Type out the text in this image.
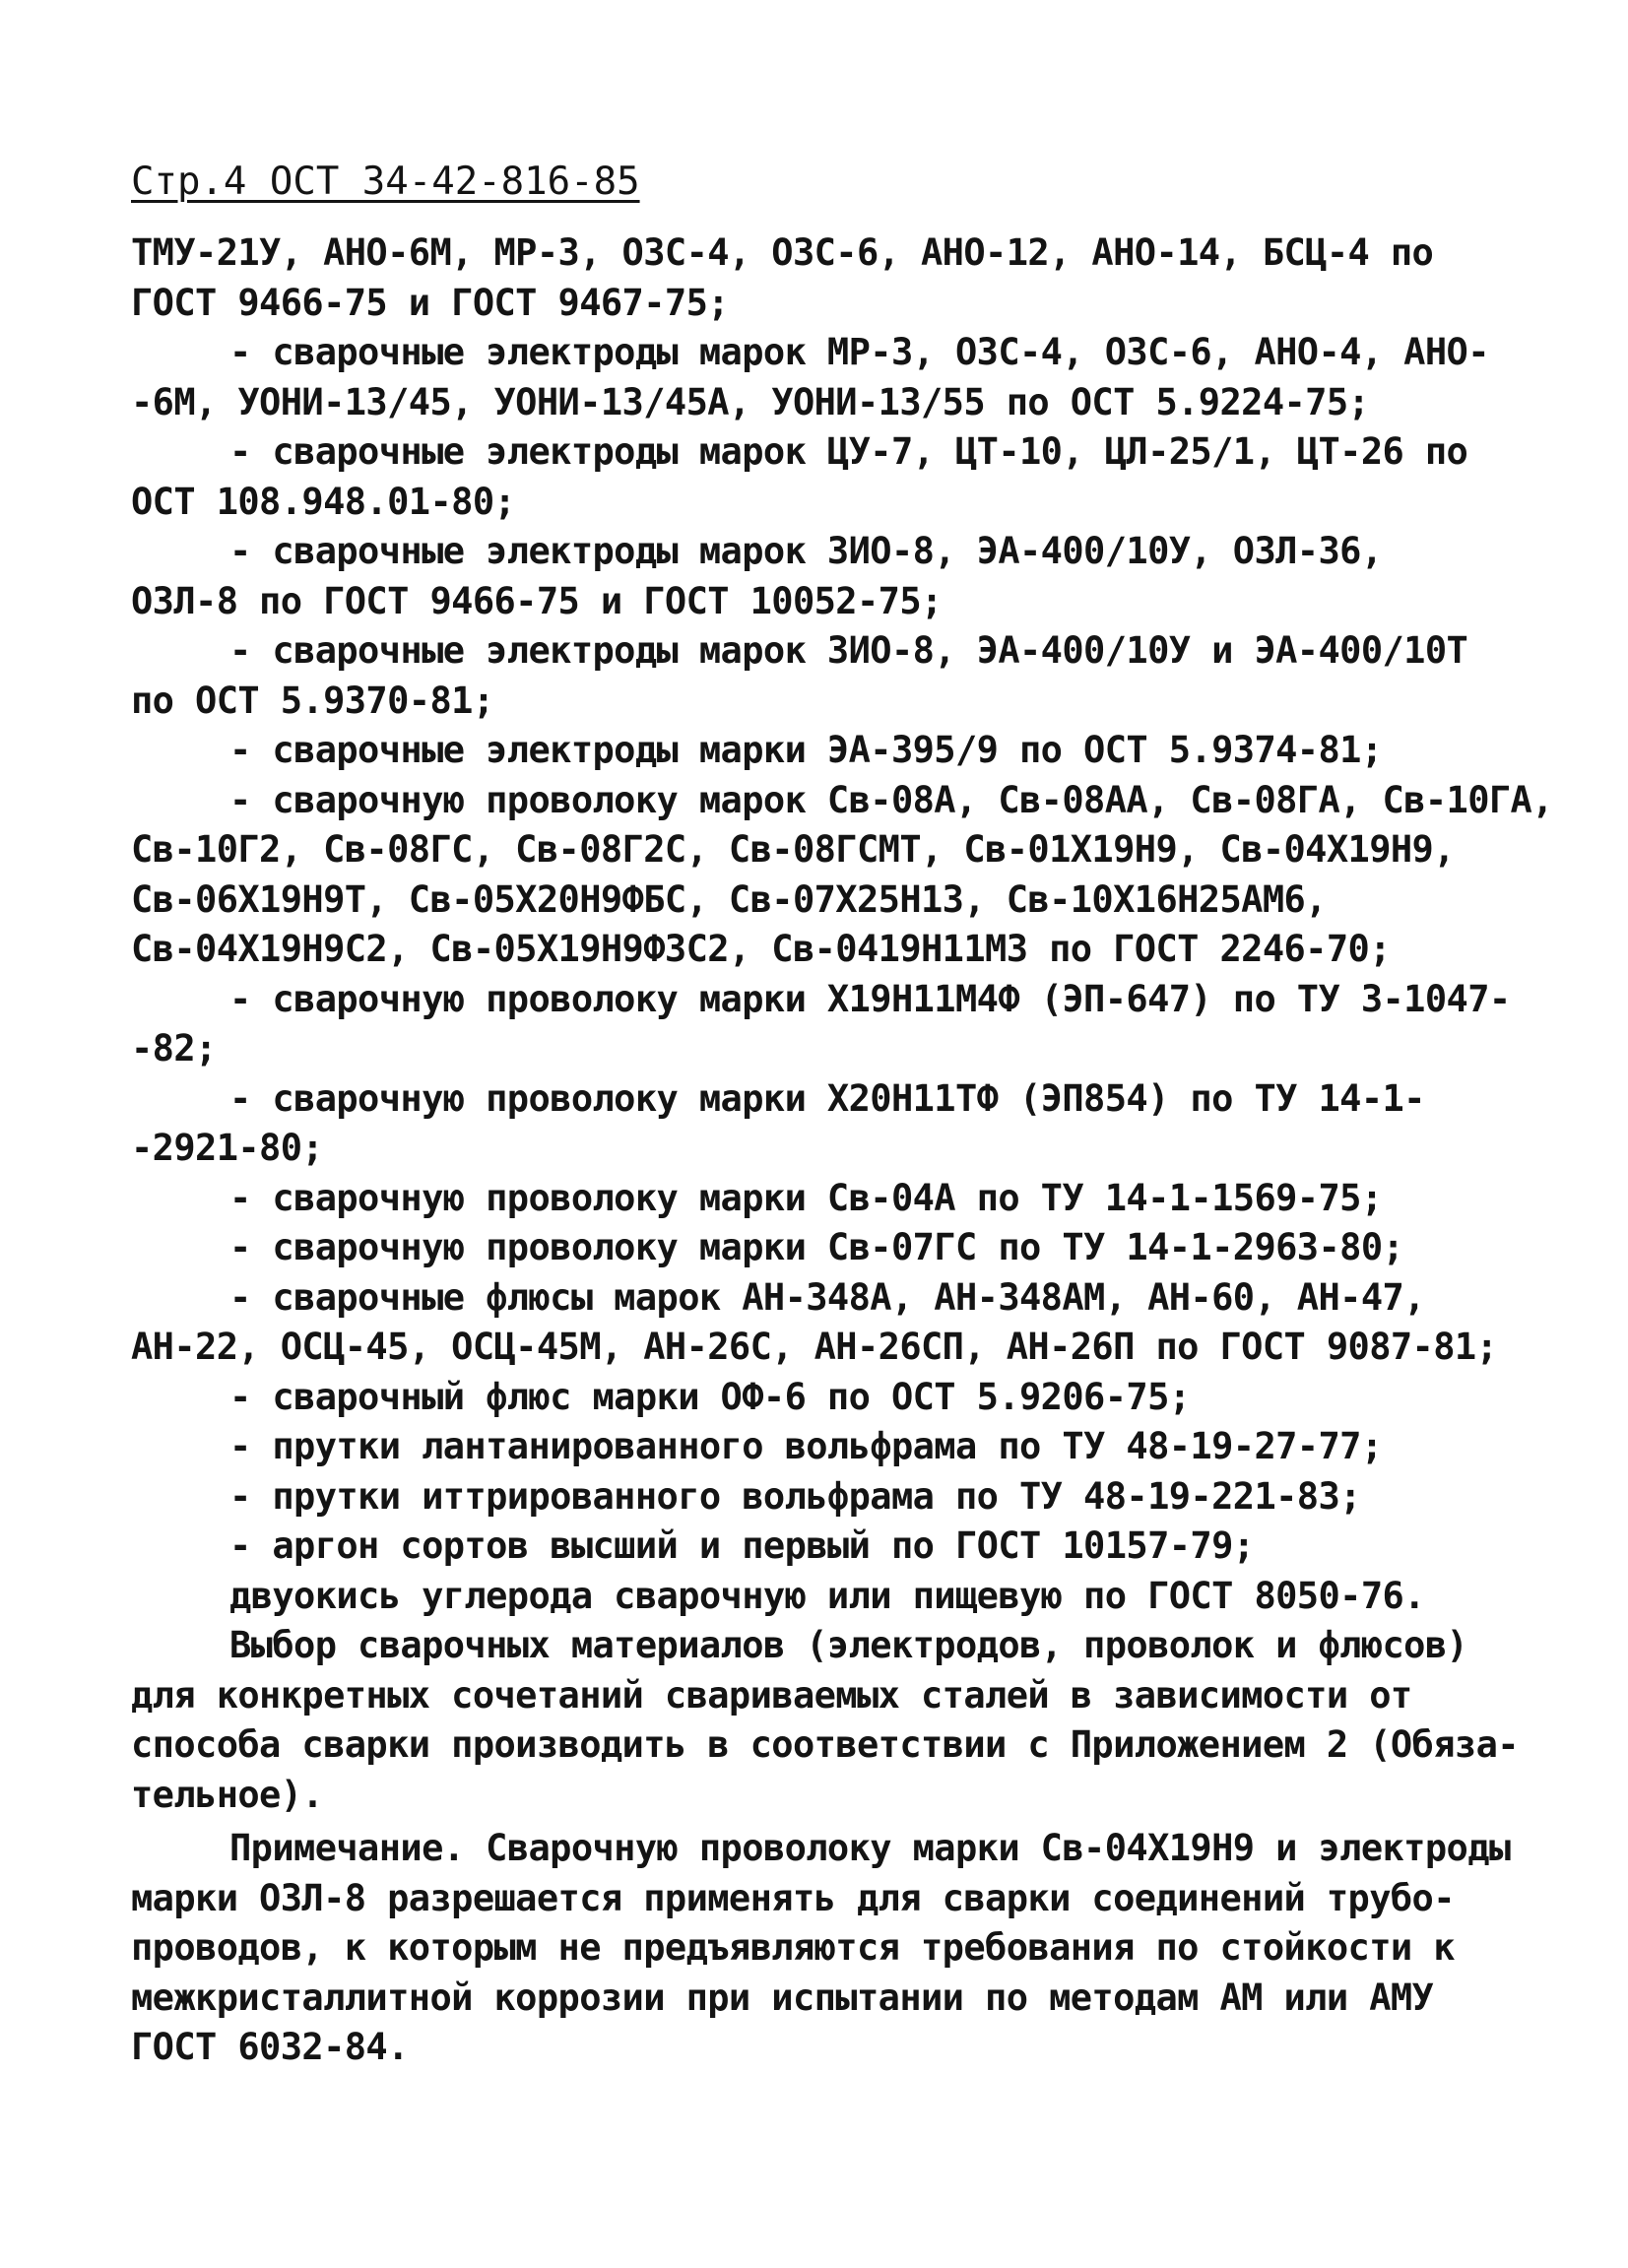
Стр.4 ОСТ 34-42-816-85
ТМУ-21У, АНО-6М, МР-3, ОЗС-4, ОЗС-6, АНО-12, АНО-14, БСЦ-4 по
ГОСТ 9466-75 и ГОСТ 9467-75;
- сварочные электроды марок МР-3, ОЗС-4, ОЗС-6, АНО-4, АНО-
-6М, УОНИ-13/45, УОНИ-13/45А, УОНИ-13/55 по ОСТ 5.9224-75;
- сварочные электроды марок ЦУ-7, ЦТ-10, ЦЛ-25/1, ЦТ-26 по
ОСТ 108.948.01-80;
- сварочные электроды марок ЗИО-8, ЭА-400/10У, ОЗЛ-36,
ОЗЛ-8 по ГОСТ 9466-75 и ГОСТ 10052-75;
- сварочные электроды марок ЗИО-8, ЭА-400/10У и ЭА-400/10Т
по ОСТ 5.9370-81;
- сварочные электроды марки ЭА-395/9 по ОСТ 5.9374-81;
- сварочную проволоку марок Св-08А, Св-08АА, Св-08ГА, Св-10ГА,
Св-10Г2, Св-08ГС, Св-08Г2С, Св-08ГСМТ, Св-01Х19Н9, Св-04Х19Н9,
Св-06Х19Н9Т, Св-05Х20Н9ФБС, Св-07Х25Н13, Св-10Х16Н25АМ6,
Св-04Х19Н9С2, Св-05Х19Н9Ф3С2, Св-0419Н11М3 по ГОСТ 2246-70;
- сварочную проволоку марки Х19Н11М4Ф (ЭП-647) по ТУ 3-1047-
-82;
- сварочную проволоку марки Х20Н11ТФ (ЭП854) по ТУ 14-1-
-2921-80;
- сварочную проволоку марки Св-04А по ТУ 14-1-1569-75;
- сварочную проволоку марки Св-07ГС по ТУ 14-1-2963-80;
- сварочные флюсы марок АН-348А, АН-348АМ, АН-60, АН-47,
АН-22, ОСЦ-45, ОСЦ-45М, АН-26С, АН-26СП, АН-26П по ГОСТ 9087-81;
- сварочный флюс марки ОФ-6 по ОСТ 5.9206-75;
- прутки лантанированного вольфрама по ТУ 48-19-27-77;
- прутки иттрированного вольфрама по ТУ 48-19-221-83;
- аргон сортов высший и первый по ГОСТ 10157-79;
двуокись углерода сварочную или пищевую по ГОСТ 8050-76.
Выбор сварочных материалов (электродов, проволок и флюсов)
для конкретных сочетаний свариваемых сталей в зависимости от
способа сварки производить в соответствии с Приложением 2 (Обяза-
тельное).
Примечание. Сварочную проволоку марки Св-04Х19Н9 и электроды
марки ОЗЛ-8 разрешается применять для сварки соединений трубо-
проводов, к которым не предъявляются требования по стойкости к
межкристаллитной коррозии при испытании по методам АМ или АМУ
ГОСТ 6032-84.
